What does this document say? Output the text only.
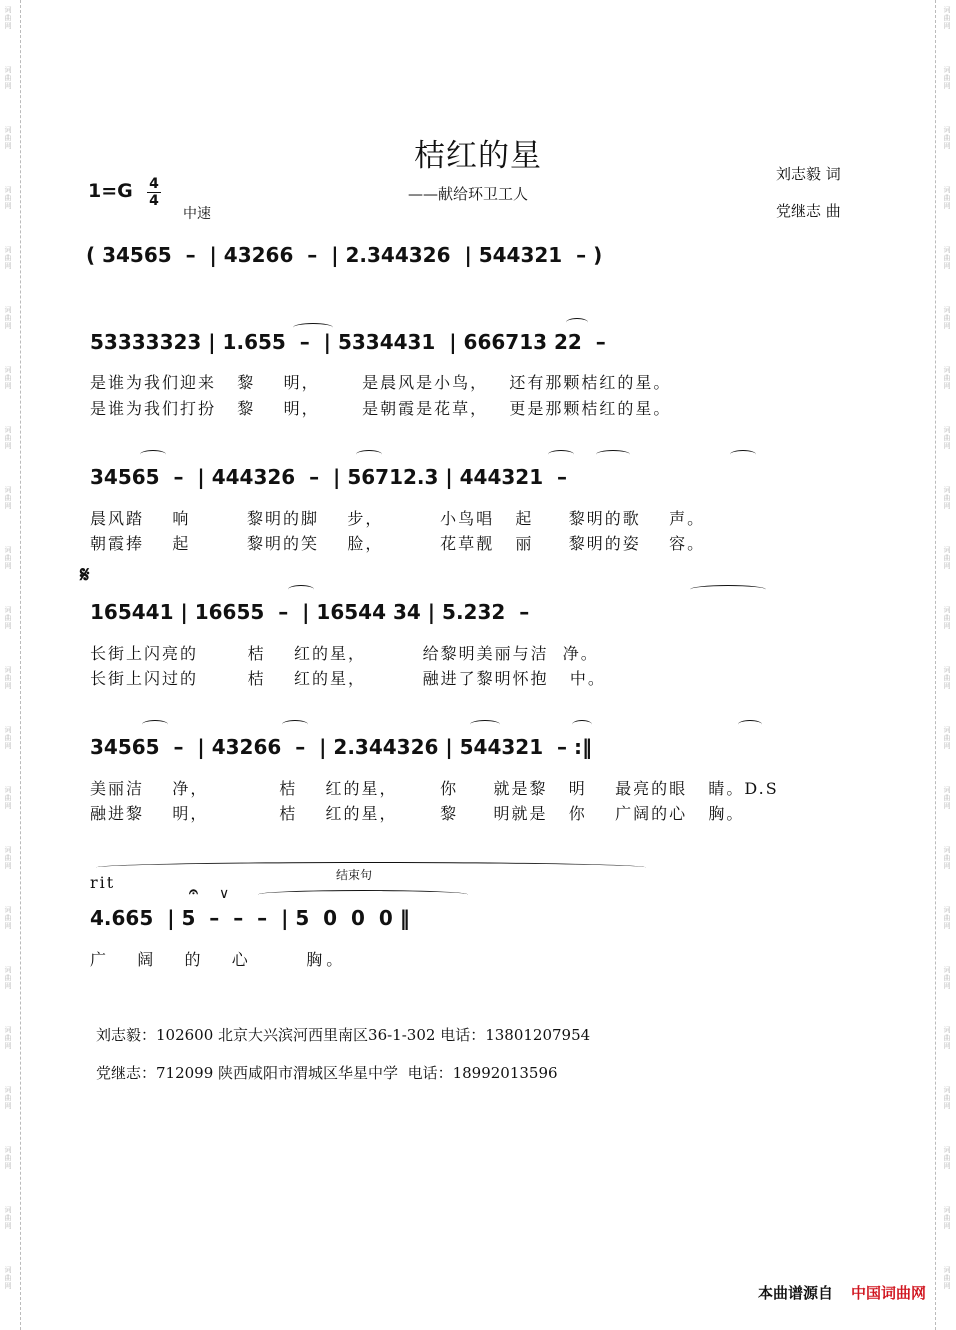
词
曲
网
词
曲
网
词
曲
网
词
曲
网
词
曲
网
词
曲
网
词
曲
网
词
曲
网
词
曲
网
词
曲
网
词
曲
网
词
曲
网
词
曲
网
词
曲
网
词
曲
网
词
曲
网
词
曲
网
词
曲
网
词
曲
网
词
曲
网
词
曲
网
词
曲
网
词
曲
网
词
曲
网
词
曲
网
词
曲
网
词
曲
网
词
曲
网
词
曲
网
词
曲
网
词
曲
网
词
曲
网
词
曲
网
词
曲
网
词
曲
网
词
曲
网
词
曲
网
词
曲
网
词
曲
网
词
曲
网
词
曲
网
词
曲
网
词
曲
网
词
曲
网
桔红的星
——献给环卫工人
刘志毅 词
党继志 曲
1=G 4
4
中速
( 34565  –  | 43266  –  | 2.344326  | 544321  – )
53333323 | 1.655  –  | 5334431  | 666713 22  –
是谁为我们迎来   黎    明，      是晨风是小鸟，   还有那颗桔红的星。
是谁为我们打扮   黎    明，      是朝霞是花草，   更是那颗桔红的星。
34565  –  | 444326  –  | 56712.3 | 444321  –
晨风踏    响        黎明的脚    步，        小鸟唱   起     黎明的歌    声。
朝霞捧    起        黎明的笑    脸，        花草靓   丽     黎明的姿    容。
𝄋
165441 | 16655  –  | 16544 34 | 5.232  –
长街上闪亮的       桔    红的星，        给黎明美丽与洁  净。
长街上闪过的       桔    红的星，        融进了黎明怀抱   中。
34565  –  | 43266  –  | 2.344326 | 544321  – :‖
美丽洁    净，          桔    红的星，      你     就是黎   明    最亮的眼   睛。D.S
融进黎    明，          桔    红的星，      黎     明就是   你    广阔的心   胸。
rit	结束句
𝄐 ∨
4.665  | 5  –  –  –  | 5  0  0  0 ‖
广   阔   的   心      胸。
刘志毅：102600 北京大兴滨河西里南区36-1-302 电话：13801207954
党继志：712099 陕西咸阳市渭城区华星中学  电话：18992013596
本曲谱源自 中国词曲网
